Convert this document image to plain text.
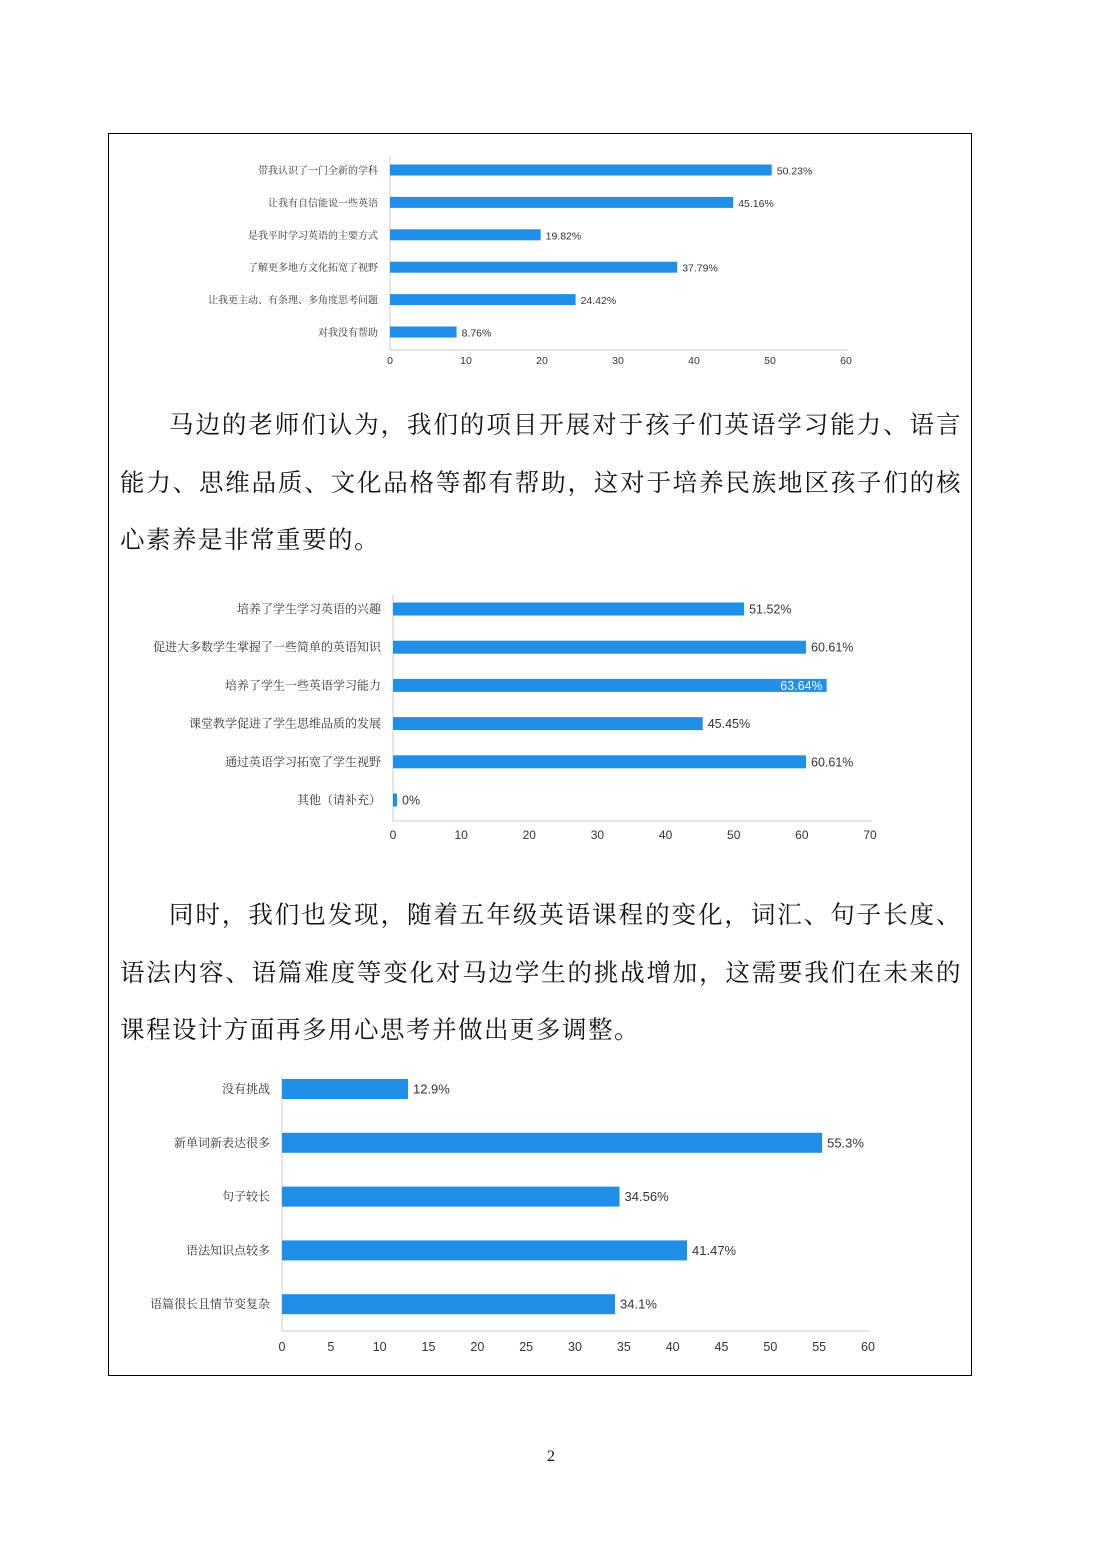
0	10	20	30	40	50	60
带我认识了一门全新的学科	50.23%
让我有自信能说一些英语	45.16%
是我平时学习英语的主要方式	19.82%
了解更多地方文化拓宽了视野	37.79%
让我更主动、有条理、多角度思考问题	24.42%
对我没有帮助	8.76%

马边的老师们认为，我们的项目开展对于孩子们英语学习能力、语言能力、思维品质、文化品格等都有帮助，这对于培养民族地区孩子们的核心素养是非常重要的。

0	10	20	30	40	50	60	70
培养了学生学习英语的兴趣	51.52%
促进大多数学生掌握了一些简单的英语知识	60.61%
培养了学生一些英语学习能力	63.64%
课堂教学促进了学生思维品质的发展	45.45%
通过英语学习拓宽了学生视野	60.61%
其他（请补充） 0%

同时，我们也发现，随着五年级英语课程的变化，词汇、句子长度、语法内容、语篇难度等变化对马边学生的挑战增加，这需要我们在未来的课程设计方面再多用心思考并做出更多调整。

0	5	10	15	20	25	30	35	40	45	50	55	60
没有挑战	12.9%
新单词新表达很多	55.3%
句子较长	34.56%
语法知识点较多	41.47%
语篇很长且情节变复杂	34.1%
2
